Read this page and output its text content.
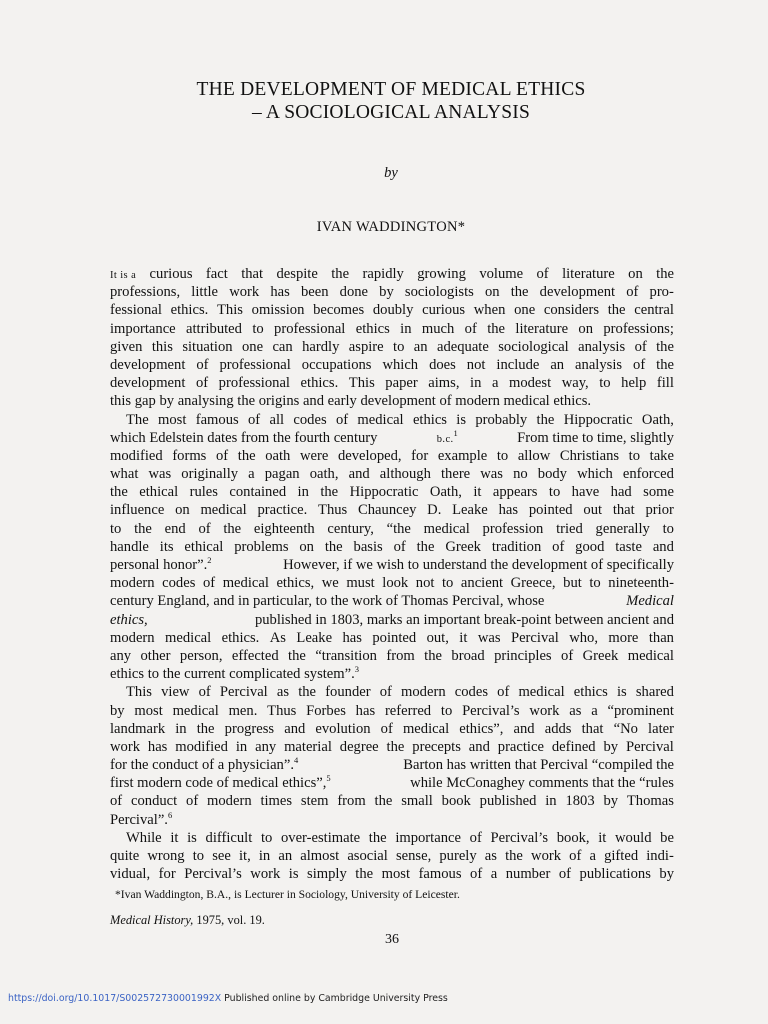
THE DEVELOPMENT OF MEDICAL ETHICS
– A SOCIOLOGICAL ANALYSIS
by
IVAN WADDINGTON*
It is a curious fact that despite the rapidly growing volume of literature on the
professions, little work has been done by sociologists on the development of pro-
fessional ethics. This omission becomes doubly curious when one considers the central
importance attributed to professional ethics in much of the literature on professions;
given this situation one can hardly aspire to an adequate sociological analysis of the
development of professional occupations which does not include an analysis of the
development of professional ethics. This paper aims, in a modest way, to help fill
this gap by analysing the origins and early development of modern medical ethics.
The most famous of all codes of medical ethics is probably the Hippocratic Oath,
which Edelstein dates from the fourth century	b.c.$^1$	From time to time, slightly
modified forms of the oath were developed, for example to allow Christians to take
what was originally a pagan oath, and although there was no body which enforced
the ethical rules contained in the Hippocratic Oath, it appears to have had some
influence on medical practice. Thus Chauncey D. Leake has pointed out that prior
to the end of the eighteenth century, “the medical profession tried generally to
handle its ethical problems on the basis of the Greek tradition of good taste and
personal honor”.$^2$	However, if we wish to understand the development of specifically
modern codes of medical ethics, we must look not to ancient Greece, but to nineteenth-
century England, and in particular, to the work of Thomas Percival, whose	Medical
ethics,	published in 1803, marks an important break-point between ancient and
modern medical ethics. As Leake has pointed out, it was Percival who, more than
any other person, effected the “transition from the broad principles of Greek medical
ethics to the current complicated system”.$^3$
This view of Percival as the founder of modern codes of medical ethics is shared
by most medical men. Thus Forbes has referred to Percival’s work as a “prominent
landmark in the progress and evolution of medical ethics”, and adds that “No later
work has modified in any material degree the precepts and practice defined by Percival
for the conduct of a physician”.$^4$	Barton has written that Percival “compiled the
first modern code of medical ethics”,$^5$	while McConaghey comments that the “rules
of conduct of modern times stem from the small book published in 1803 by Thomas
Percival”.$^6$
While it is difficult to over-estimate the importance of Percival’s book, it would be
quite wrong to see it, in an almost asocial sense, purely as the work of a gifted indi-
vidual, for Percival’s work is simply the most famous of a number of publications by
*Ivan Waddington, B.A., is Lecturer in Sociology, University of Leicester.
Medical History, 1975, vol. 19.
36
https://doi.org/10.1017/S002572730001992X Published online by Cambridge University Press
